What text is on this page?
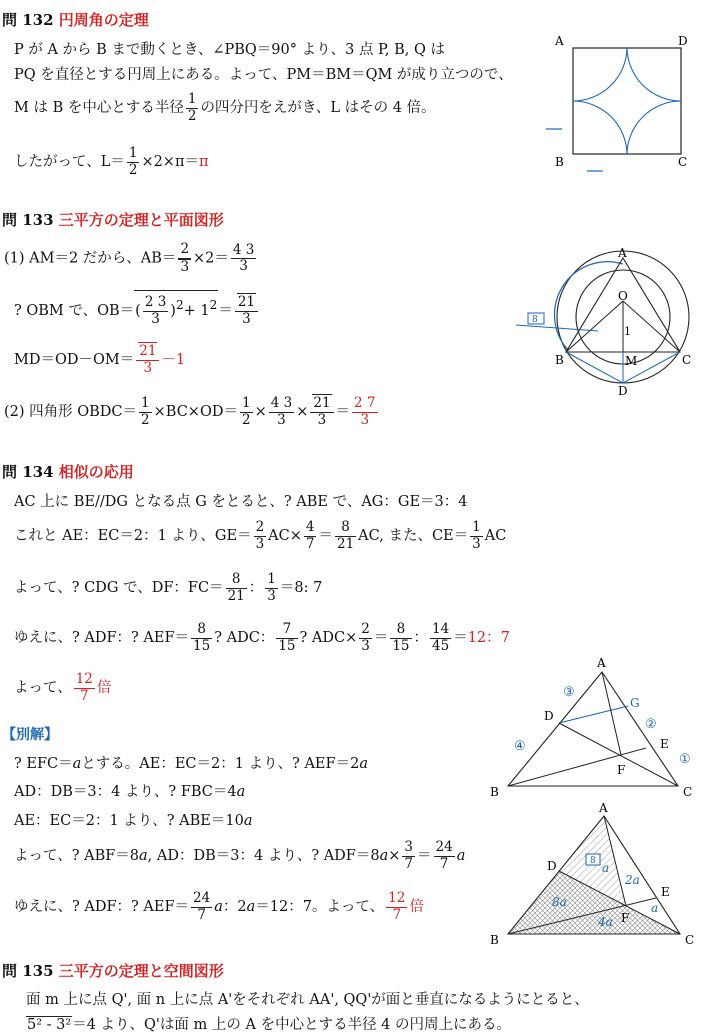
問 132 円周角の定理
P が A から B まで動くとき、∠PBQ＝90° より、3 点 P, B, Q は
PQ を直径とする円周上にある。よって、PM＝BM＝QM が成り立つので、
M は B を中心とする半径 $\frac{1}{2}$ の四分円をえがき、L はその 4 倍。
したがって、$L= \frac{1}{2} \times 2\times\pi=\pi$
A	D
B	C
問 133 三平方の定理と平面図形
(1) AM＝2 だから、$AB= \frac{2}{3} \times 2= \frac{4 3}{3}$
? OBM で、$OB=( \frac{2 3}{3} )^2+ 1^2= \frac{21}{3}$
$MD=OD-OM= \frac{21}{3} -1$
(2) 四角形 OBDC＝ $\frac{1}{2} \times BC\times OD= \frac{1}{2} \times \frac{4 3}{3} \times \frac{21}{3} = \frac{2 7}{3}$
8
A
O
1
B	M	C
D
問 134 相似の応用
AC 上に BE//DG となる点 G をとると、? ABE で、AG：GE＝3：4
これと AE：EC＝2：1 より、$GE= \frac{2}{3} AC\times \frac{4}{7} = \frac{8}{21}$ AC, また、$CE= \frac{1}{3}$ AC
よって、? CDG で、DF：$FC= \frac{8}{21}$ ： $\frac{1}{3} =8$: 7
ゆえに、? ADF：? $AEF= \frac{8}{15}$ ? ADC： $\frac{7}{15}$ ? $ADC\times \frac{2}{3} = \frac{8}{15}$ ： $\frac{14}{45} =12$：7
よって、 $\frac{12}{7}$ 倍
【別解】
? EFC＝aとする。AE：EC＝2：1 より、? AEF＝2a
AD：DB＝3：4 より、? FBC＝4a
AE：EC＝2：1 より、? ABE＝10a
よって、? ABF＝8a, AD：DB＝3：4 より、? $ADF=8a\times \frac{3}{7} = \frac{24}{7}$ a
ゆえに、? ADF：? $AEF= \frac{24}{7}$ a：2a＝12：7。よって、 $\frac{12}{7}$ 倍
A
B	C
D
E
F
G
①
②
③
④
8 a
2a
8a
4a
a
A
B	C
D
E
F
問 135 三平方の定理と空間図形
面 m 上に点 Q', 面 n 上に点 A'をそれぞれ AA', QQ'が面と垂直になるようにとると、
5² - 3²＝4 より、Q'は面 m 上の A を中心とする半径 4 の円周上にある。
